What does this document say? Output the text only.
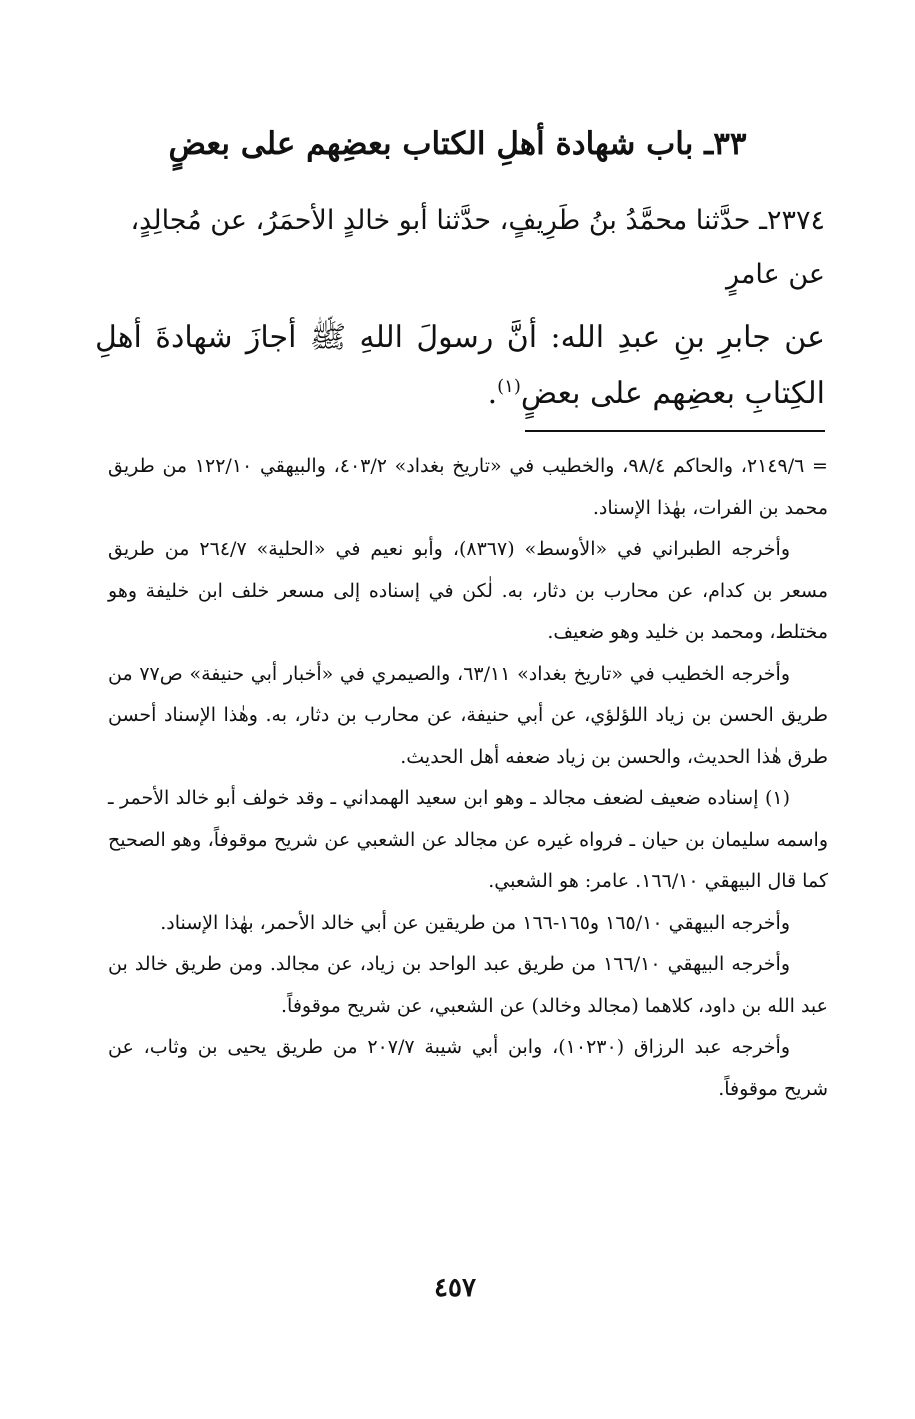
٣٣ـ باب شهادة أهلِ الكتاب بعضِهم على بعضٍ

٢٣٧٤ـ حدَّثنا محمَّدُ بنُ طَرِيفٍ، حدَّثنا أبو خالدٍ الأحمَرُ، عن مُجالِدٍ، عن عامرٍ

عن جابرِ بنِ عبدِ الله: أنَّ رسولَ اللهِ ﷺ أجازَ شهادةَ أهلِ الكِتابِ بعضِهم على بعضٍ$^{(١)}$.

= ٢١٤٩/٦، والحاكم ٩٨/٤، والخطيب في «تاريخ بغداد» ٤٠٣/٢، والبيهقي ١٢٢/١٠ من طريق محمد بن الفرات، بهٰذا الإسناد.

وأخرجه الطبراني في «الأوسط» (٨٣٦٧)، وأبو نعيم في «الحلية» ٢٦٤/٧ من طريق مسعر بن كدام، عن محارب بن دثار، به. لٰكن في إسناده إلى مسعر خلف ابن خليفة وهو مختلط، ومحمد بن خليد وهو ضعيف.

وأخرجه الخطيب في «تاريخ بغداد» ٦٣/١١، والصيمري في «أخبار أبي حنيفة» ص٧٧ من طريق الحسن بن زياد اللؤلؤي، عن أبي حنيفة، عن محارب بن دثار، به. وهٰذا الإسناد أحسن طرق هٰذا الحديث، والحسن بن زياد ضعفه أهل الحديث.

(١) إسناده ضعيف لضعف مجالد ـ وهو ابن سعيد الهمداني ـ وقد خولف أبو خالد الأحمر ـ واسمه سليمان بن حيان ـ فرواه غيره عن مجالد عن الشعبي عن شريح موقوفاً، وهو الصحيح كما قال البيهقي ١٦٦/١٠. عامر: هو الشعبي.

وأخرجه البيهقي ١٦٥/١٠ و١٦٥-١٦٦ من طريقين عن أبي خالد الأحمر، بهٰذا الإسناد.

وأخرجه البيهقي ١٦٦/١٠ من طريق عبد الواحد بن زياد، عن مجالد. ومن طريق خالد بن عبد الله بن داود، كلاهما (مجالد وخالد) عن الشعبي، عن شريح موقوفاً.

وأخرجه عبد الرزاق (١٠٢٣٠)، وابن أبي شيبة ٢٠٧/٧ من طريق يحيى بن وثاب، عن شريح موقوفاً.

٤٥٧
